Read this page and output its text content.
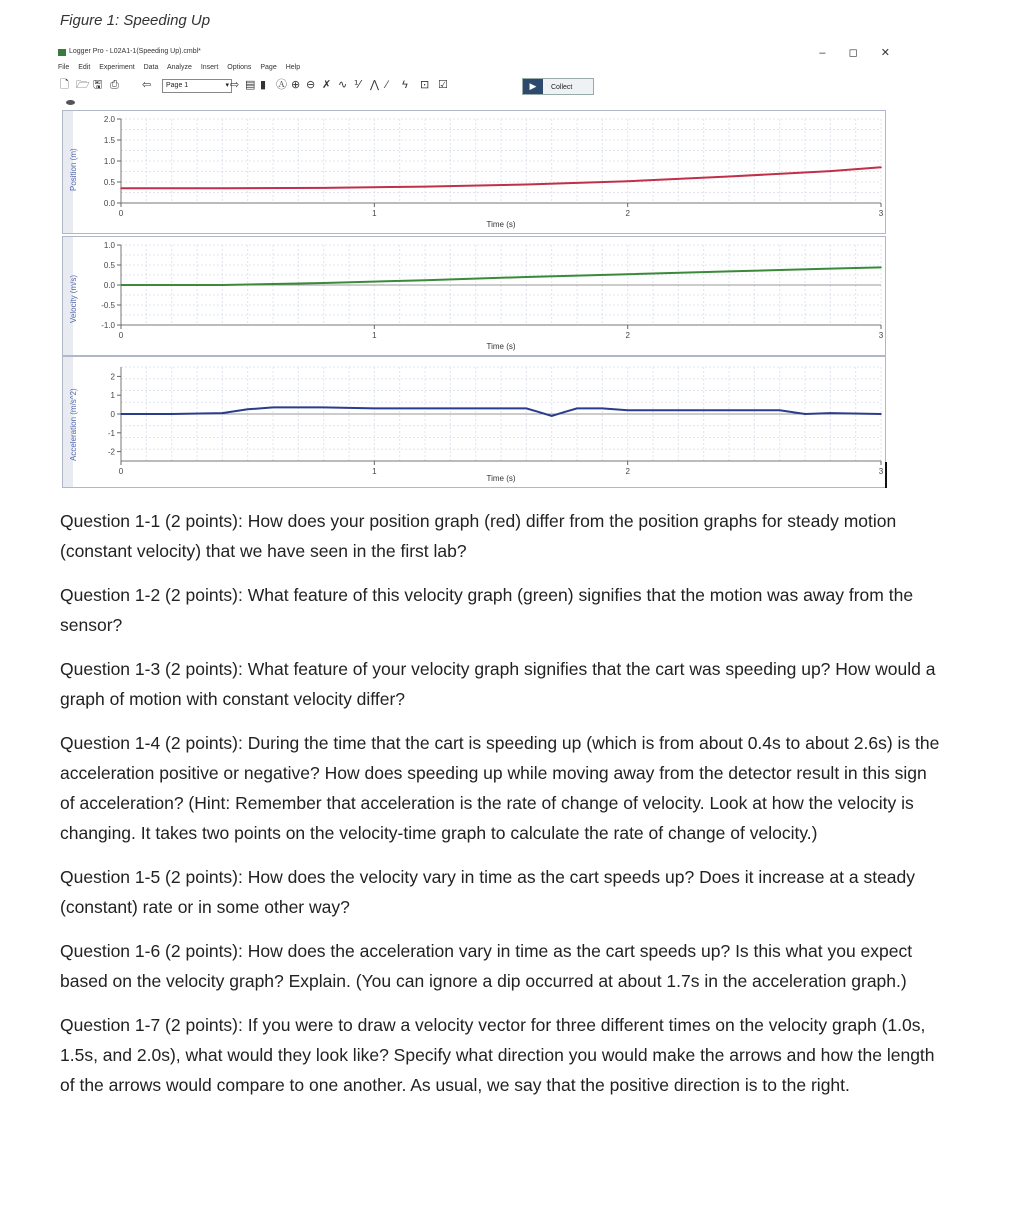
Figure 1: Speeding Up
Logger Pro - L02A1-1(Speeding Up).cmbl*	– ◻ ✕
File Edit Experiment Data Analyze Insert Options Page Help
🗋 🗁 🖫 ⎙ ⇦	Page 1	▾ ⇨ ▤ ▮ Ⓐ ⊕ ⊖ ✗ ∿ ⅟ ⋀ ∕ ϟ ⊡ ☑	▶ Collect
Position (m)
2.0
1.5
1.0
0.5
0.0
0	1	2	3
Time (s)
Velocity (m/s)
1.0
0.5
0.0
-0.5
-1.0
0	1	2	3
Time (s)
Acceleration (m/s^2)
2
1
0
-1
-2
0	1	2	3
Time (s)

Question 1-1 (2 points): How does your position graph (red) differ from the position graphs for steady motion (constant velocity) that we have seen in the first lab?

Question 1-2 (2 points): What feature of this velocity graph (green) signifies that the motion was away from the sensor?

Question 1-3 (2 points): What feature of your velocity graph signifies that the cart was speeding up? How would a graph of motion with constant velocity differ?

Question 1-4 (2 points): During the time that the cart is speeding up (which is from about 0.4s to about 2.6s) is the acceleration positive or negative? How does speeding up while moving away from the detector result in this sign of acceleration? (Hint: Remember that acceleration is the rate of change of velocity. Look at how the velocity is changing. It takes two points on the velocity-time graph to calculate the rate of change of velocity.)

Question 1-5 (2 points): How does the velocity vary in time as the cart speeds up? Does it increase at a steady (constant) rate or in some other way?

Question 1-6 (2 points): How does the acceleration vary in time as the cart speeds up? Is this what you expect based on the velocity graph? Explain. (You can ignore a dip occurred at about 1.7s in the acceleration graph.)

Question 1-7 (2 points): If you were to draw a velocity vector for three different times on the velocity graph (1.0s, 1.5s, and 2.0s), what would they look like? Specify what direction you would make the arrows and how the length of the arrows would compare to one another. As usual, we say that the positive direction is to the right.
